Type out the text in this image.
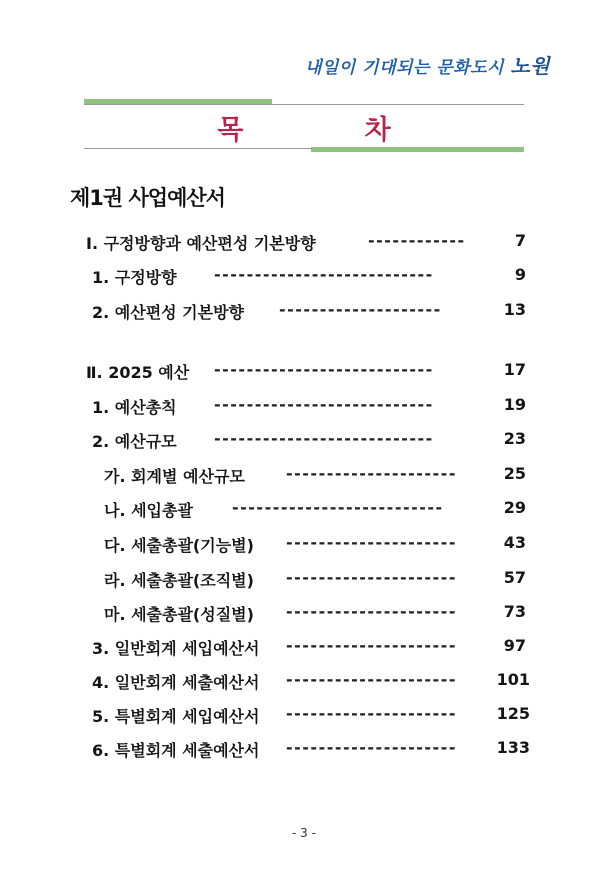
내일이 기대되는 문화도시 노원
목 차
제1권 사업예산서
Ⅰ. 구정방향과 예산편성 기본방향	------------	7
1. 구정방향 ---------------------------	9
2. 예산편성 기본방향 --------------------	13
Ⅱ. 2025 예산 ---------------------------	17
1. 예산총칙 ---------------------------	19
2. 예산규모 ---------------------------	23
가. 회계별 예산규모	---------------------	25
나. 세입총괄 --------------------------	29
다. 세출총괄(기능별) ---------------------	43
라. 세출총괄(조직별) ---------------------	57
마. 세출총괄(성질별) ---------------------	73
3. 일반회계 세입예산서 ---------------------	97
4. 일반회계 세출예산서 ---------------------	101
5. 특별회계 세입예산서 ---------------------	125
6. 특별회계 세출예산서 ---------------------	133
- 3 -
